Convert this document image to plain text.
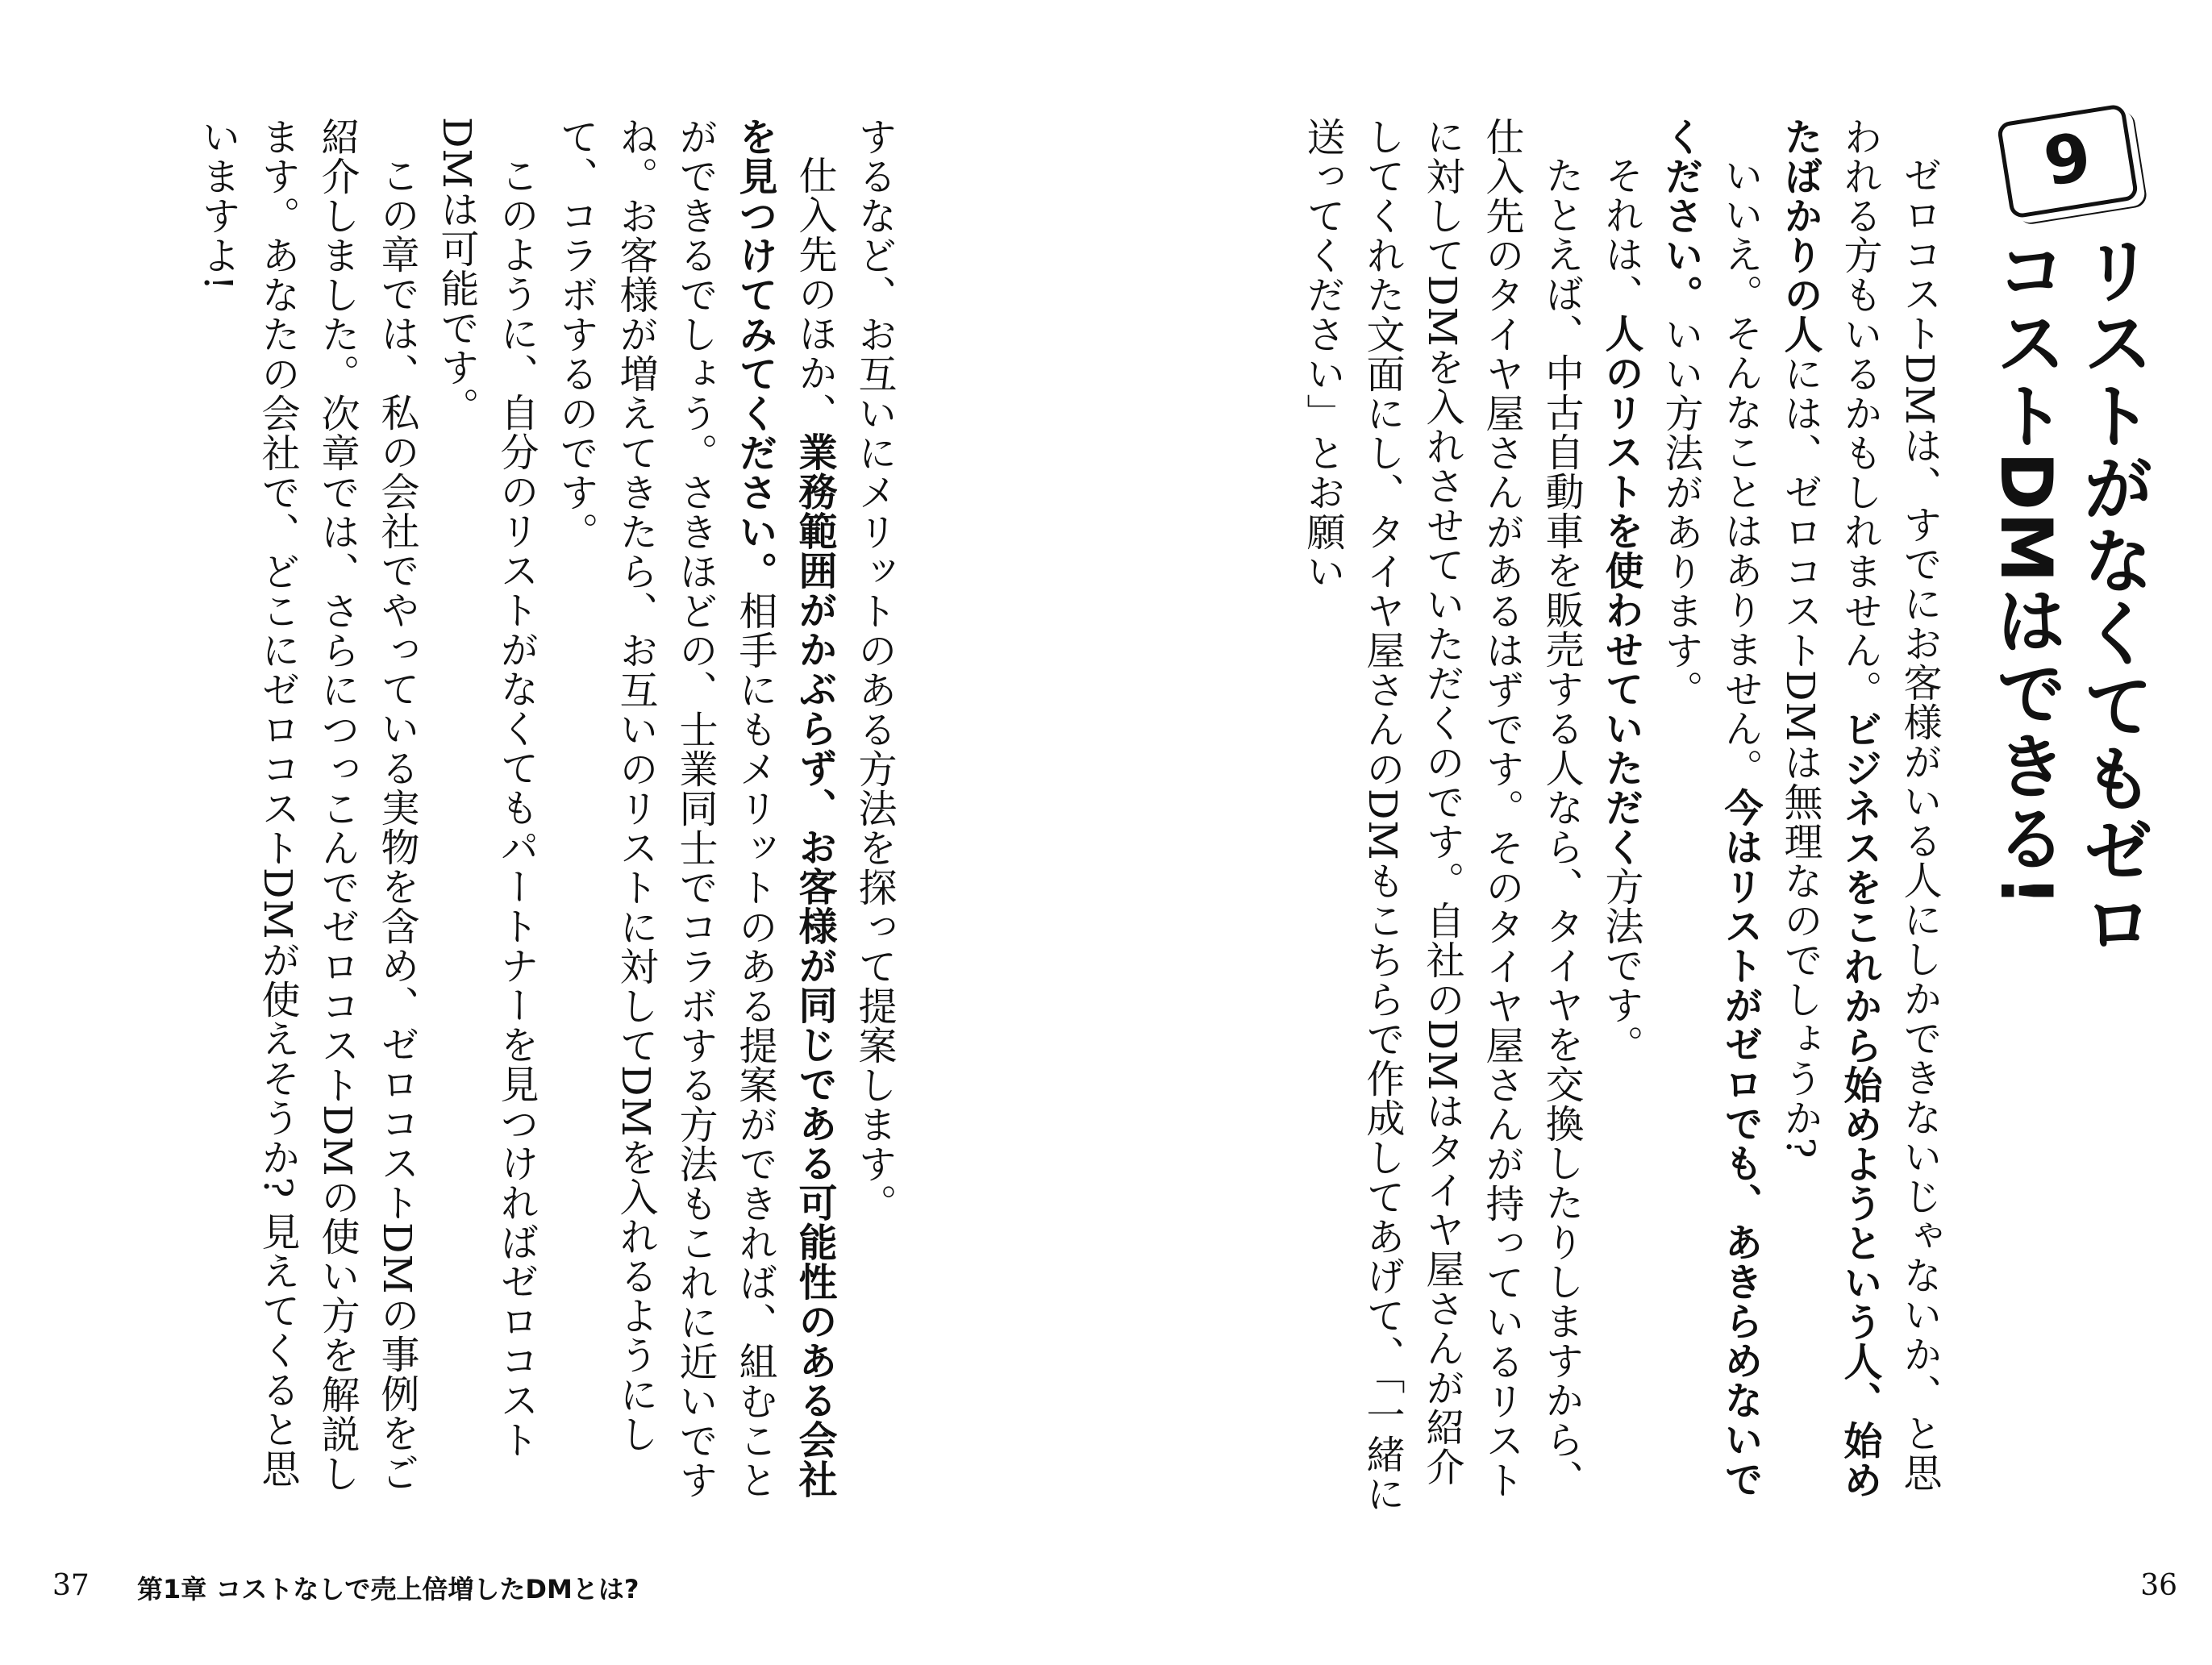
9
リストがなくてもゼロコストDMはできる!

ゼロコストDMは、すでにお客様がいる人にしかできないじゃないか、と思われる方もいるかもしれません。ビジネスをこれから始めようという人、始めたばかりの人には、ゼロコストDMは無理なのでしょうか?

いいえ。そんなことはありません。今はリストがゼロでも、あきらめないでください。いい方法があります。

それは、人のリストを使わせていただく方法です。

たとえば、中古自動車を販売する人なら、タイヤを交換したりしますから、仕入先のタイヤ屋さんがあるはずです。そのタイヤ屋さんが持っているリストに対してDMを入れさせていただくのです。自社のDMはタイヤ屋さんが紹介してくれた文面にし、タイヤ屋さんのDMもこちらで作成してあげて、「一緒に送ってください」とお願い

36

するなど、お互いにメリットのある方法を探って提案します。

仕入先のほか、業務範囲がかぶらず、お客様が同じである可能性のある会社を見つけてみてください。相手にもメリットのある提案ができれば、組むことができるでしょう。さきほどの、士業同士でコラボする方法もこれに近いですね。お客様が増えてきたら、お互いのリストに対してDMを入れるようにして、コラボするのです。

このように、自分のリストがなくてもパートナーを見つければゼロコストDMは可能です。

この章では、私の会社でやっている実物を含め、ゼロコストDMの事例をご紹介しました。次章では、さらにつっこんでゼロコストDMの使い方を解説します。あなたの会社で、どこにゼロコストDMが使えそうか? 見えてくると思いますよ!

37 第1章 コストなしで売上倍増したDMとは?
